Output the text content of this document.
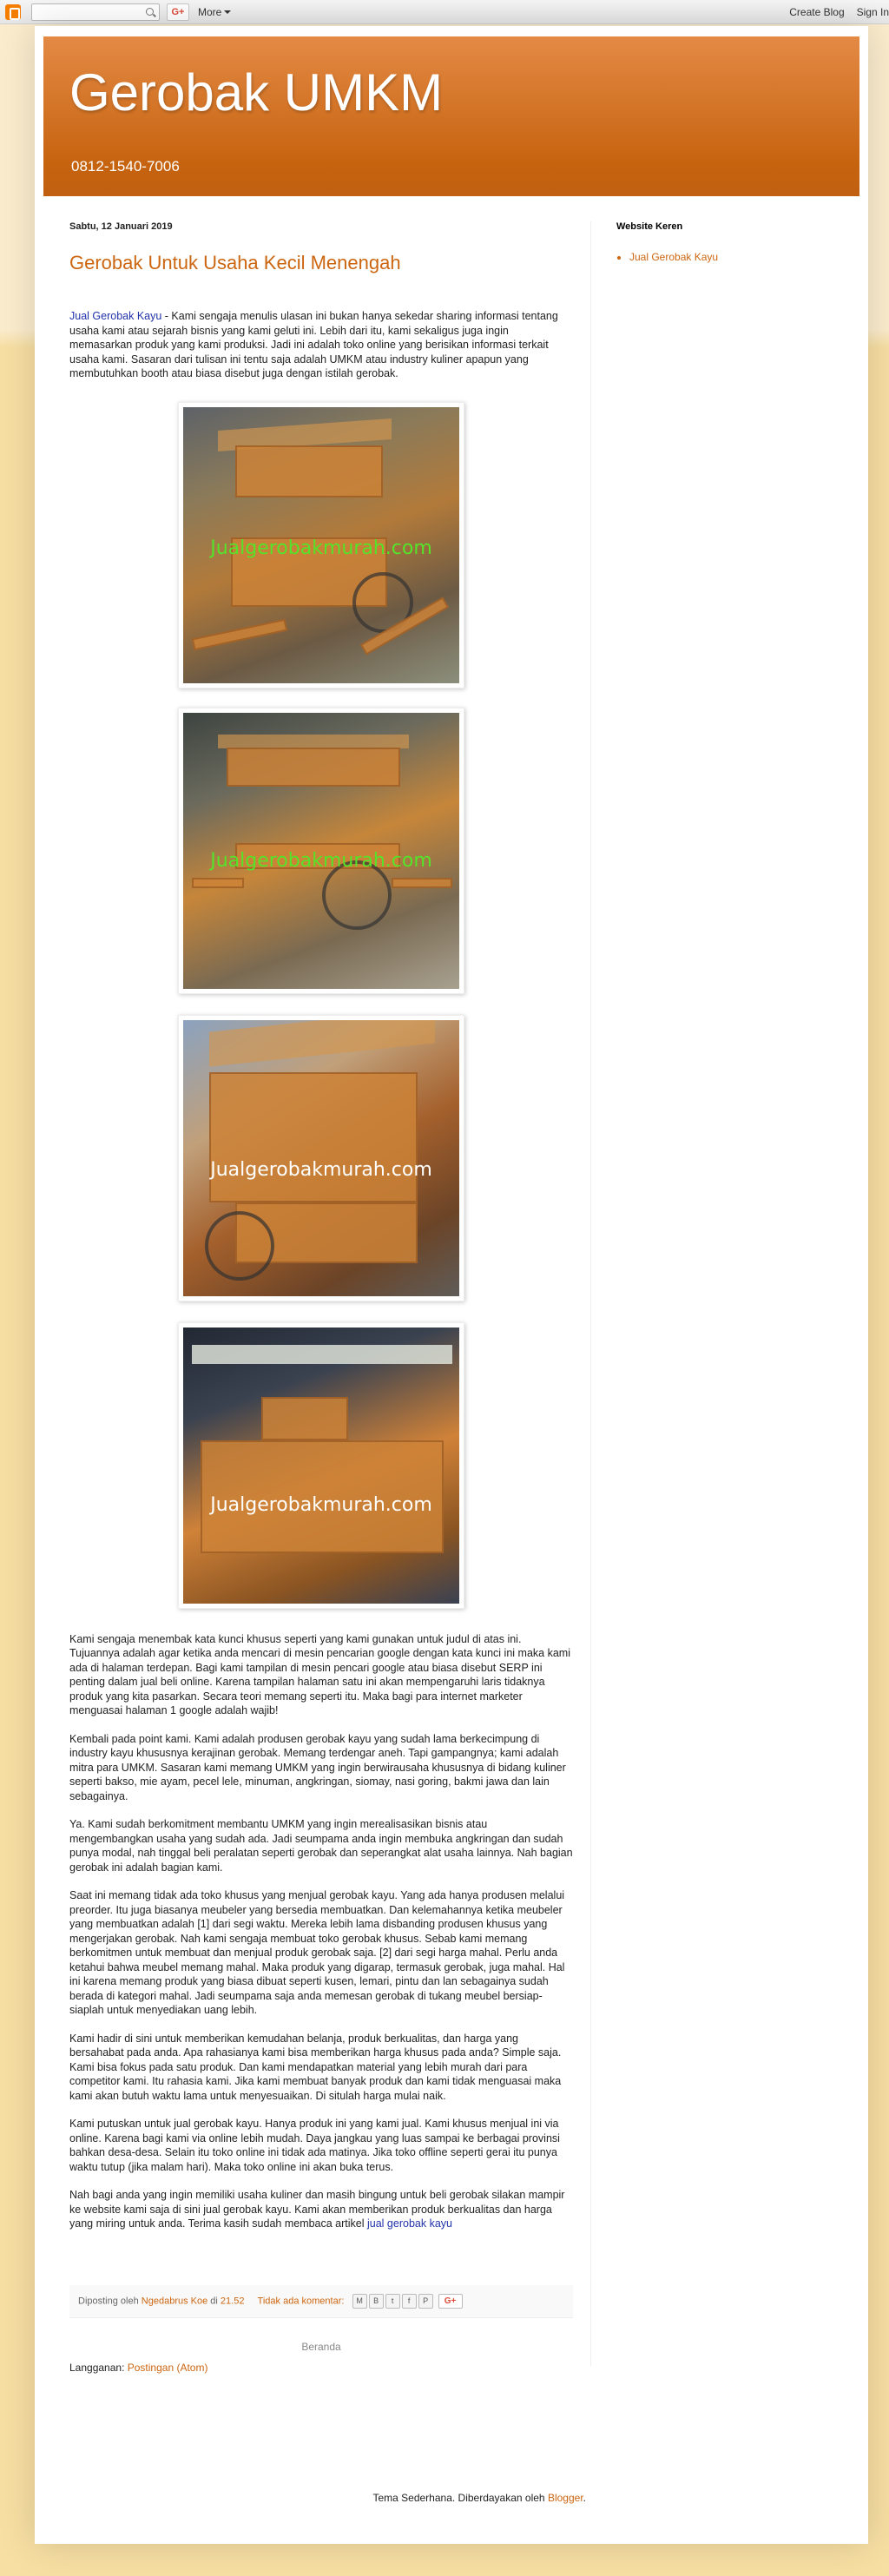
G+	More	Create Blog Sign In
Gerobak UMKM
0812-1540-7006
Sabtu, 12 Januari 2019
Gerobak Untuk Usaha Kecil Menengah

Jual Gerobak Kayu - Kami sengaja menulis ulasan ini bukan hanya sekedar sharing informasi tentang usaha kami atau sejarah bisnis yang kami geluti ini. Lebih dari itu, kami sekaligus juga ingin memasarkan produk yang kami produksi. Jadi ini adalah toko online yang berisikan informasi terkait usaha kami. Sasaran dari tulisan ini tentu saja adalah UMKM atau industry kuliner apapun yang membutuhkan booth atau biasa disebut juga dengan istilah gerobak.

Jualgerobakmurah.com
Jualgerobakmurah.com
Jualgerobakmurah.com
Jualgerobakmurah.com

Kami sengaja menembak kata kunci khusus seperti yang kami gunakan untuk judul di atas ini. Tujuannya adalah agar ketika anda mencari di mesin pencarian google dengan kata kunci ini maka kami ada di halaman terdepan. Bagi kami tampilan di mesin pencari google atau biasa disebut SERP ini penting dalam jual beli online. Karena tampilan halaman satu ini akan mempengaruhi laris tidaknya produk yang kita pasarkan. Secara teori memang seperti itu. Maka bagi para internet marketer menguasai halaman 1 google adalah wajib!

Kembali pada point kami. Kami adalah produsen gerobak kayu yang sudah lama berkecimpung di industry kayu khususnya kerajinan gerobak. Memang terdengar aneh. Tapi gampangnya; kami adalah mitra para UMKM. Sasaran kami memang UMKM yang ingin berwirausaha khususnya di bidang kuliner seperti bakso, mie ayam, pecel lele, minuman, angkringan, siomay, nasi goring, bakmi jawa dan lain sebagainya.

Ya. Kami sudah berkomitment membantu UMKM yang ingin merealisasikan bisnis atau mengembangkan usaha yang sudah ada. Jadi seumpama anda ingin membuka angkringan dan sudah punya modal, nah tinggal beli peralatan seperti gerobak dan seperangkat alat usaha lainnya. Nah bagian gerobak ini adalah bagian kami.

Saat ini memang tidak ada toko khusus yang menjual gerobak kayu. Yang ada hanya produsen melalui preorder. Itu juga biasanya meubeler yang bersedia membuatkan. Dan kelemahannya ketika meubeler yang membuatkan adalah [1] dari segi waktu. Mereka lebih lama disbanding produsen khusus yang mengerjakan gerobak. Nah kami sengaja membuat toko gerobak khusus. Sebab kami memang berkomitmen untuk membuat dan menjual produk gerobak saja. [2] dari segi harga mahal. Perlu anda ketahui bahwa meubel memang mahal. Maka produk yang digarap, termasuk gerobak, juga mahal. Hal ini karena memang produk yang biasa dibuat seperti kusen, lemari, pintu dan lan sebagainya sudah berada di kategori mahal. Jadi seumpama saja anda memesan gerobak di tukang meubel bersiap-siaplah untuk menyediakan uang lebih.

Kami hadir di sini untuk memberikan kemudahan belanja, produk berkualitas, dan harga yang bersahabat pada anda. Apa rahasianya kami bisa memberikan harga khusus pada anda? Simple saja. Kami bisa fokus pada satu produk. Dan kami mendapatkan material yang lebih murah dari para competitor kami. Itu rahasia kami. Jika kami membuat banyak produk dan kami tidak menguasai maka kami akan butuh waktu lama untuk menyesuaikan. Di situlah harga mulai naik.

Kami putuskan untuk jual gerobak kayu. Hanya produk ini yang kami jual. Kami khusus menjual ini via online. Karena bagi kami via online lebih mudah. Daya jangkau yang luas sampai ke berbagai provinsi bahkan desa-desa. Selain itu toko online ini tidak ada matinya. Jika toko offline seperti gerai itu punya waktu tutup (jika malam hari). Maka toko online ini akan buka terus.

Nah bagi anda yang ingin memiliki usaha kuliner dan masih bingung untuk beli gerobak silakan mampir ke website kami saja di sini jual gerobak kayu. Kami akan memberikan produk berkualitas dan harga yang miring untuk anda. Terima kasih sudah membaca artikel jual gerobak kayu

Diposting oleh Ngedabrus Koe di 21.52 Tidak ada komentar: M B t f P G+
Beranda
Langganan: Postingan (Atom)
Website Keren
• Jual Gerobak Kayu
Tema Sederhana. Diberdayakan oleh Blogger.
